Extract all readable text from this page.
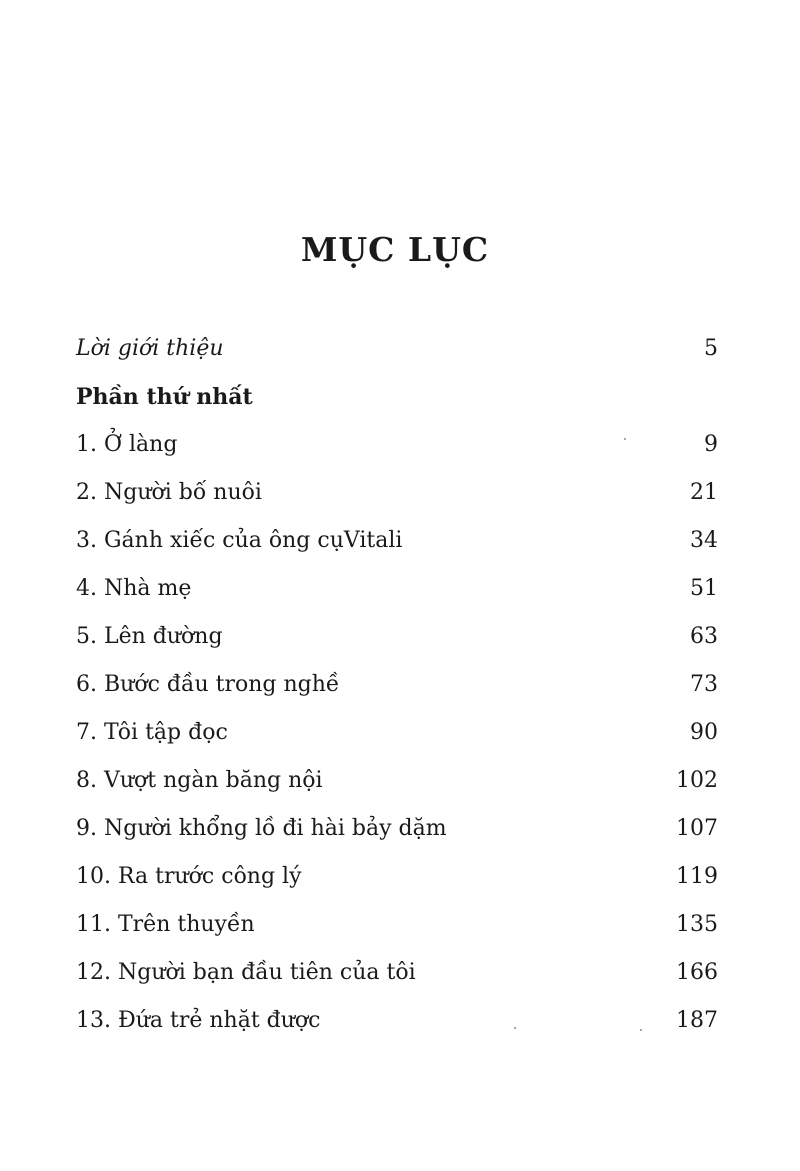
MỤC LỤC
Lời giới thiệu	5
Phần thứ nhất
1. Ở làng	9
2. Người bố nuôi	21
3. Gánh xiếc của ông cụVitali	34
4. Nhà mẹ	51
5. Lên đường	63
6. Bước đầu trong nghề	73
7. Tôi tập đọc	90
8. Vượt ngàn băng nội	102
9. Người khổng lồ đi hài bảy dặm	107
10. Ra trước công lý	119
11. Trên thuyền	135
12. Người bạn đầu tiên của tôi	166
13. Đứa trẻ nhặt được	187
